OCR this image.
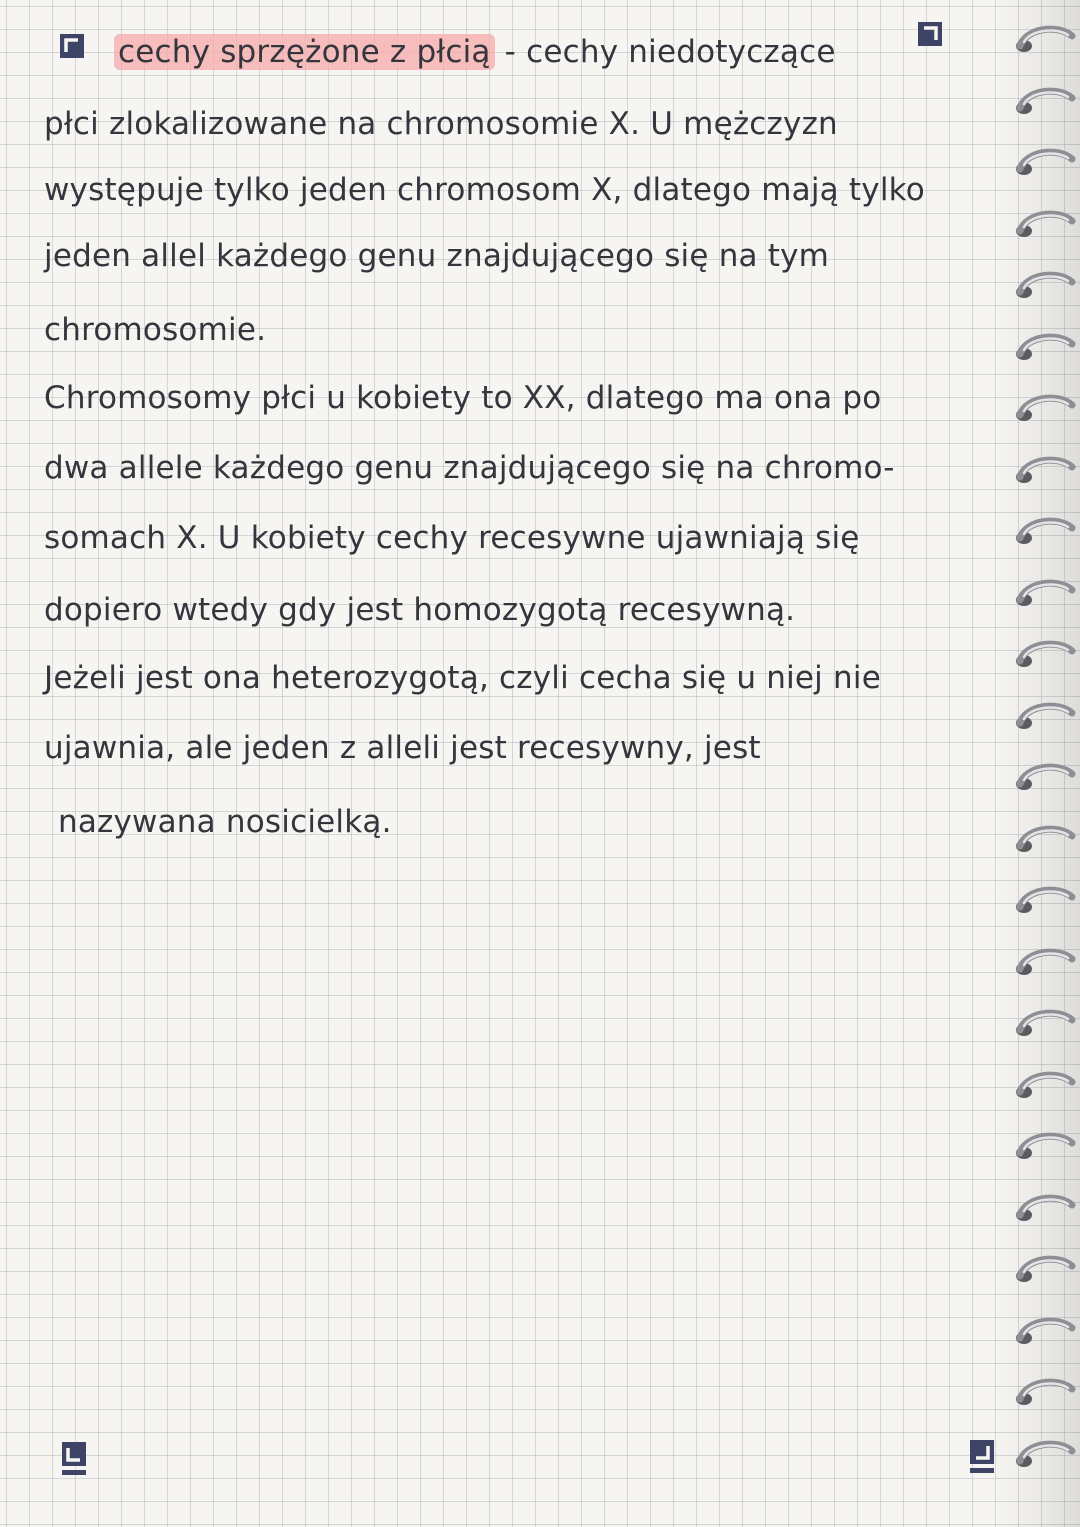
cechy sprzężone z płcią - cechy niedotyczące
płci zlokalizowane na chromosomie X. U mężczyzn
występuje tylko jeden chromosom X, dlatego mają tylko
jeden allel każdego genu znajdującego się na tym
chromosomie.
Chromosomy płci u kobiety to XX, dlatego ma ona po
dwa allele każdego genu znajdującego się na chromo-
somach X. U kobiety cechy recesywne ujawniają się
dopiero wtedy gdy jest homozygotą recesywną.
Jeżeli jest ona heterozygotą, czyli cecha się u niej nie
ujawnia, ale jeden z alleli jest recesywny, jest
nazywana nosicielką.
